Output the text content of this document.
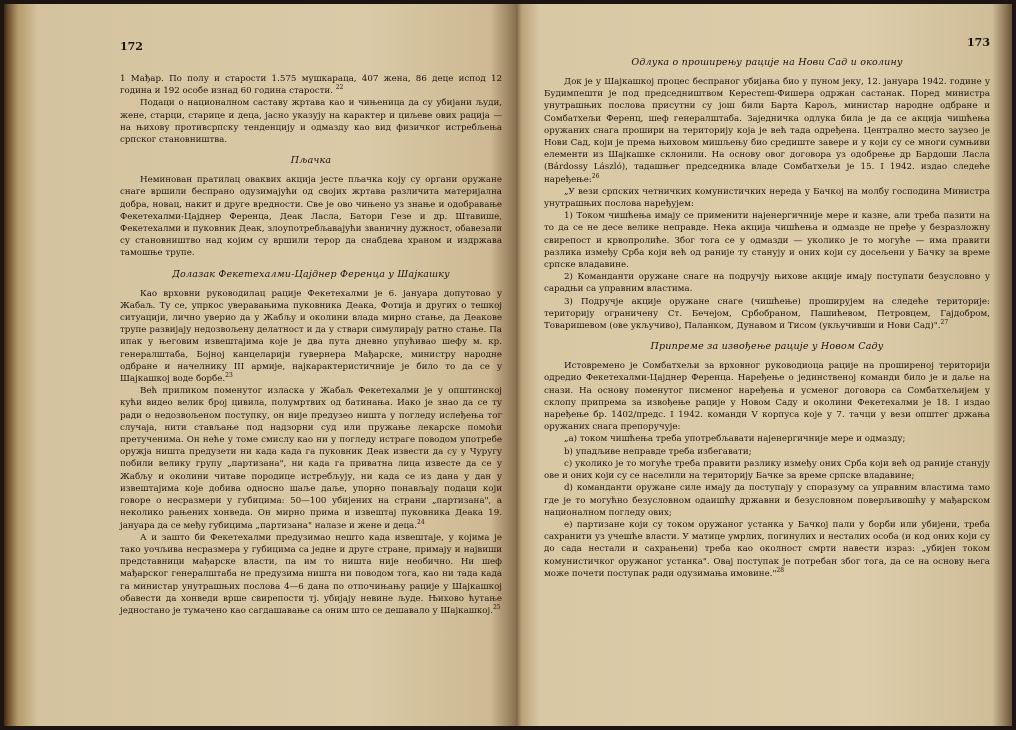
172

1 Мађар. По полу и старости 1.575 мушкараца, 407 жена, 86 деце испод 12 година и 192 особе изнад 60 година старости. $^{22}$

Подаци о националном саставу жртава као и чињеница да су убијани људи, жене, старци, старице и деца, јасно указују на карактер и циљеве ових рација — на њихову противсрпску тенденцију и одмазду као вид физичког истребљења српског становништва.

Пљачка

Неминован пратилац оваквих акција јесте пљачка коју су органи оружане снаге вршили беспрано одузимајући од својих жртава различита материјална добра, новац, накит и друге вредности. Све је ово чињено уз знање и одобравање Фекетехалми-Цајднер Ференца, Деак Ласла, Батори Гезе и др. Штавише, Фекетехалми и пуковник Деак, злоупотребљавајући званичну дужност, обавезали су становништво над којим су вршили терор да снабдева храном и издржава тамошње трупе.

Долазак Фекетехалми-Цајднер Ференца у Шајкашку

Као врховни руководилац рације Фекетехалми је 6. јануара допутовао у Жабаљ. Ту се, упркос уверавањима пуковника Деака, Фотија и других о тешкој ситуацији, лично уверио да у Жабљу и околини влада мирно стање, да Деакове трупе развијају недозвољену делатност и да у ствари симулирају ратно стање. Па ипак у његовим извештајима које је два пута дневно упућивао шефу м. кр. генералштаба, Бојнoј канцеларији гувернера Мађарске, министру народне одбране и начелнику III армије, најкарактеристичније је било то да се у Шајкашкој воде борбе.$^{23}$

Већ приликом поменутог изласка у Жабаљ Фекетехалми је у општинској кући видео велик број цивила, полумртвих од батинања. Иако је знао да се ту ради о недозвољеном поступку, он није предузео ништа у погледу ислеђења тог случаја, нити стављање под надзорни суд или пружање лекарске помоћи претученима. Он неће у томе смислу као ни у погледу истраге поводом употребе оружја ништа предузети ни када када га пуковник Деак извести да су у Чуругу побили велику групу „партизана", ни када га приватна лица известе да се у Жабљу и околини читаве породице истребљују, ни када се из дана у дан у извештајима које добива односно шаље даље, упорно понављају подаци који говоре о несразмери у губицима: 50—100 убијених на страни „партизана", а неколико рањених хонведа. Он мирно прима и извештај пуковника Деака 19. јануара да се међу губицима „партизана" налазе и жене и деца.$^{24}$

А и зашто би Фекетехалми предузимао нешто када извештаје, у којима је тако уочљива несразмера у губицима са једне и друге стране, примају и највиши представници мађарске власти, па им то ништа није необично. Ни шеф мађарског генералштаба не предузима ништа ни поводом тога, као ни тада када га министар унутрашњих послова 4—6 дана по отпочињању рације у Шајкашкој обавести да хонведи врше свирепости тј. убијају невине људе. Њихово ћутање једностано је тумачено као сагдашавање са оним што се дешавало у Шајкашкој.$^{25}$

173
Одлука о проширењу рације на Нови Сад и околину

Док је у Шајкашкој процес беспраног убијања био у пуном јеку, 12. јануара 1942. године у Будимпешти је под председништвом Керестеш-Фишера одржан састанак. Поред министра унутрашњих послова присутни су још били Барта Карољ, министар народне одбране и Сомбатхељи Ференц, шеф генералштаба. Заједничка одлука била је да се акција чишћења оружаних снага прошири на територију која је већ тада одређена. Централно место заузео је Нови Сад, који је према њиховом мишљењу био средиште завере и у који су се многи сумњиви елементи из Шајкашке склонили. На основу овог договора уз одобрење др Бардоши Ласла (Bárdossy László), тадашњег председника владе Сомбатхељи је 15. I 1942. издао следеће наређење:$^{26}$

„У вези српских четничких комунистичких нереда у Бачкој на молбу господина Министра унутрашњих послова наређујем:

1) Током чишћења имају се применити најенергичније мере и казне, али треба пазити на то да се не десе велике неправде. Нека акција чишћења и одмазде не пређе у безразложну свирепост и крвопролиће. Због тога се у одмазди — уколико је то могуће — има правити разлика између Срба који већ од раније ту станују и оних који су досељени у Бачку за време српске владавине.

2) Команданти оружане снаге на подручју њихове акције имају поступати безусловно у сарадњи са управним властима.

3) Подручје акције оружане снаге (чишћење) проширујем на следеће територије: територију ограничену Ст. Бечејом, Србобраном, Пашићевом, Петровцем, Гајдобром, Товаришевом (ове укључиво), Паланком, Дунавом и Тисом (укључивши и Нови Сад)".$^{27}$

Припреме за извођење рације у Новом Саду

Истовремено је Сомбатхељи за врховног руководиоца рације на проширеној територији одредио Фекетехалми-Цајднер Ференца. Наређење о јединственој команди било је и даље на снази. На основу поменутог писменог наређења и усменог договора са Сомбатхељијем у склопу припрема за извођење рације у Новом Саду и околини Фекетехалми је 18. I издао наређење бр. 1402/предс. I 1942. команди V корпуса које у 7. тачци у вези општег држања оружаних снага препоручује:

„а) током чишћења треба употребљавати најенергичније мере и одмазду;

b) упадљиве неправде треба избегавати;

c) уколико је то могуће треба правити разлику између оних Срба који већ од раније станују ове и оних који су се населили на територију Бачке за време српске владавине;

d) команданти оружане силе имају да поступају у споразуму са управним властима тамо где је то могућно безусловном одаишћу државни и безусловном поверљивошћу у мађарском националном погледу овиx;

e) партизане који су током оружаног устанка у Бачкој пали у борби или убијени, треба сахранити уз учешће власти. У матице умрлих, погинулих и несталих особа (и код оних који су до сада нестали и сахрањени) треба као околност смрти навести израз: „убијен током комунистичког оружаног устанка". Овај поступак је потребан због тога, да се на основу њега може почети поступак ради одузимања имовине."$^{28}$
